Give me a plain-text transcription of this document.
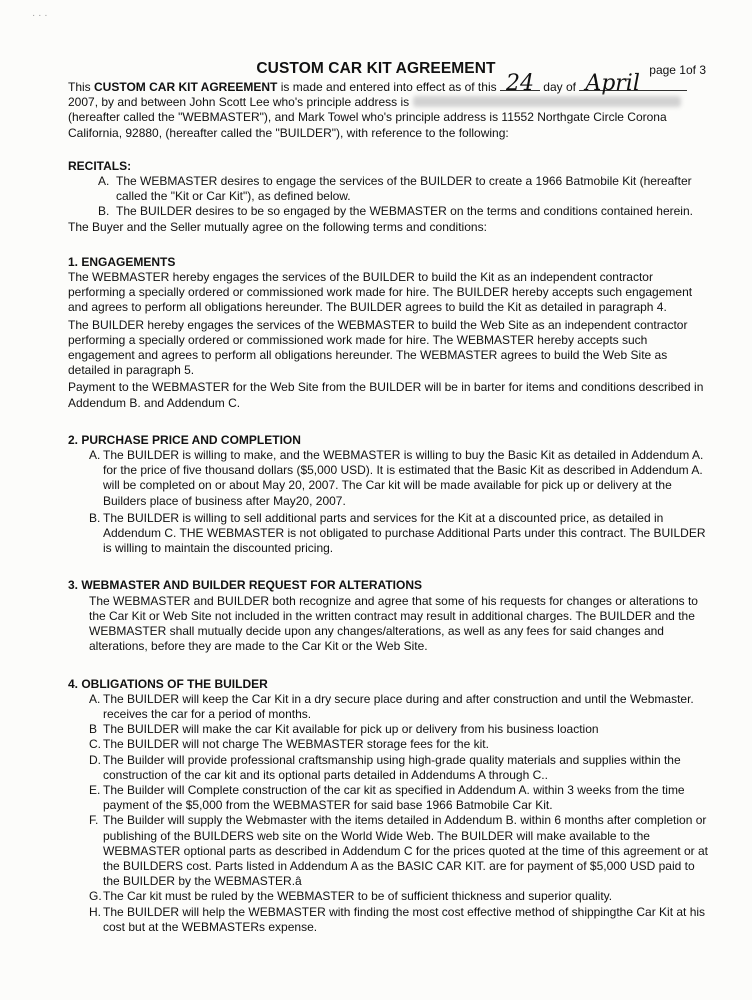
· · ·
CUSTOM CAR KIT AGREEMENT	page 1of 3

This CUSTOM CAR KIT AGREEMENT is made and entered into effect as of this 24 day of April
2007, by and between John Scott Lee who's principle address is
(hereafter called the "WEBMASTER"), and Mark Towel who's principle address is 11552 Northgate Circle Corona California, 92880, (hereafter called the "BUILDER"), with reference to the following:

RECITALS:
A. The WEBMASTER desires to engage the services of the BUILDER to create a 1966 Batmobile Kit (hereafter called the "Kit or Car Kit"), as defined below.
B. The BUILDER desires to be so engaged by the WEBMASTER on the terms and conditions contained herein.

The Buyer and the Seller mutually agree on the following terms and conditions:

1. ENGAGEMENTS

The WEBMASTER hereby engages the services of the BUILDER to build the Kit as an independent contractor performing a specially ordered or commissioned work made for hire. The BUILDER hereby accepts such engagement and agrees to perform all obligations hereunder. The BUILDER agrees to build the Kit as detailed in paragraph 4.

The BUILDER hereby engages the services of the WEBMASTER to build the Web Site as an independent contractor performing a specially ordered or commissioned work made for hire. The WEBMASTER hereby accepts such engagement and agrees to perform all obligations hereunder. The WEBMASTER agrees to build the Web Site as detailed in paragraph 5.

Payment to the WEBMASTER for the Web Site from the BUILDER will be in barter for items and conditions described in Addendum B. and Addendum C.

2. PURCHASE PRICE AND COMPLETION
A. The BUILDER is willing to make, and the WEBMASTER is willing to buy the Basic Kit as detailed in Addendum A. for the price of five thousand dollars ($5,000 USD). It is estimated that the Basic Kit as described in Addendum A. will be completed on or about May 20, 2007. The Car kit will be made available for pick up or delivery at the Builders place of business after May20, 2007.
B. The BUILDER is willing to sell additional parts and services for the Kit at a discounted price, as detailed in Addendum C. THE WEBMASTER is not obligated to purchase Additional Parts under this contract. The BUILDER is willing to maintain the discounted pricing.
3. WEBMASTER AND BUILDER REQUEST FOR ALTERATIONS

The WEBMASTER and BUILDER both recognize and agree that some of his requests for changes or alterations to the Car Kit or Web Site not included in the written contract may result in additional charges. The BUILDER and the WEBMASTER shall mutually decide upon any changes/alterations, as well as any fees for said changes and alterations, before they are made to the Car Kit or the Web Site.

4. OBLIGATIONS OF THE BUILDER
A. The BUILDER will keep the Car Kit in a dry secure place during and after construction and until the Webmaster. receives the car for a period of months.
B The BUILDER will make the car Kit available for pick up or delivery from his business loaction
C. The BUILDER will not charge The WEBMASTER storage fees for the kit.
D. The Builder will provide professional craftsmanship using high-grade quality materials and supplies within the construction of the car kit and its optional parts detailed in Addendums A through C..
E. The Builder will Complete construction of the car kit as specified in Addendum A. within 3 weeks from the time payment of the $5,000 from the WEBMASTER for said base 1966 Batmobile Car Kit.
F. The Builder will supply the Webmaster with the items detailed in Addendum B. within 6 months after completion or publishing of the BUILDERS web site on the World Wide Web. The BUILDER will make available to the WEBMASTER optional parts as described in Addendum C for the prices quoted at the time of this agreement or at the BUILDERS cost. Parts listed in Addendum A as the BASIC CAR KIT. are for payment of $5,000 USD paid to the BUILDER by the WEBMASTER.â
G. The Car kit must be ruled by the WEBMASTER to be of sufficient thickness and superior quality.
H. The BUILDER will help the WEBMASTER with finding the most cost effective method of shippingthe Car Kit at his cost but at the WEBMASTERs expense.
